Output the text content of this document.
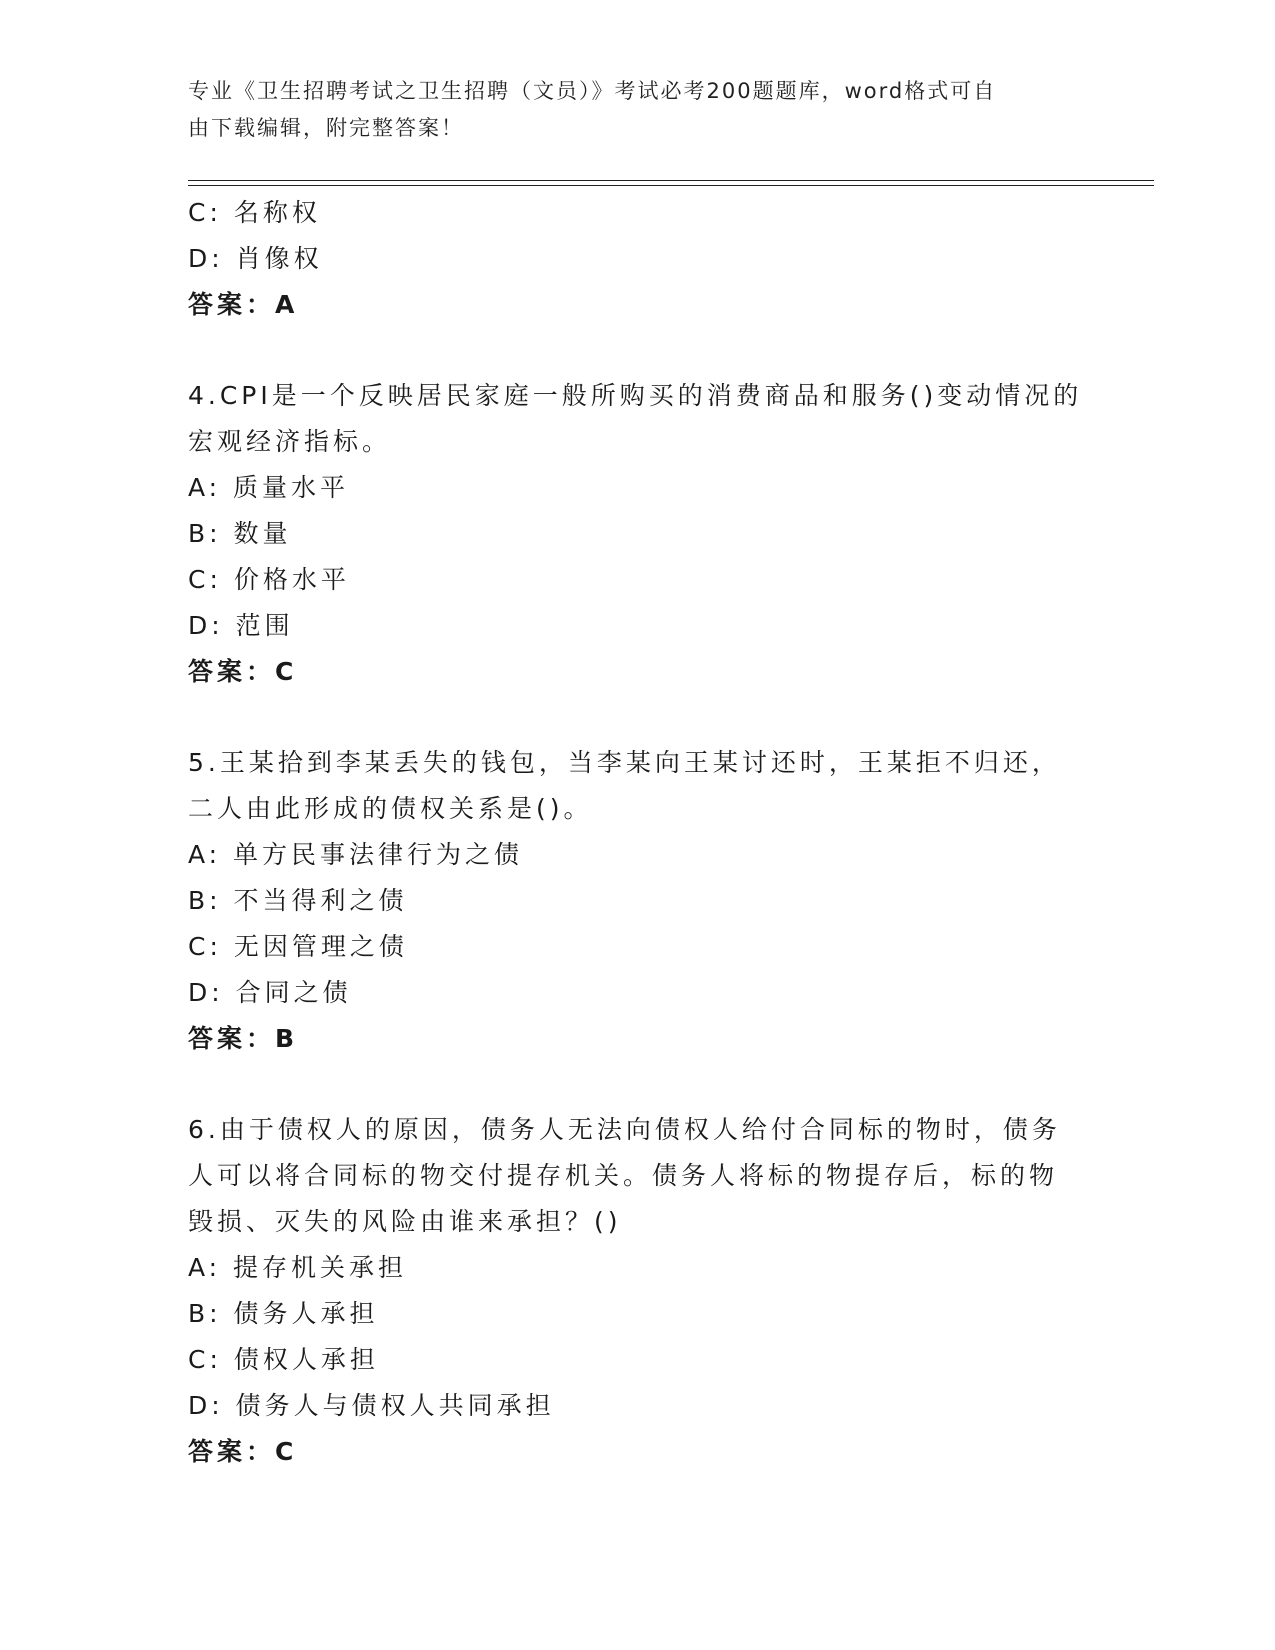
专业《卫生招聘考试之卫生招聘（文员）》考试必考200题题库，word格式可自
由下载编辑，附完整答案！
C: 名称权
D: 肖像权
答案：A
4.CPI是一个反映居民家庭一般所购买的消费商品和服务()变动情况的
宏观经济指标。
A: 质量水平
B: 数量
C: 价格水平
D: 范围
答案：C
5.王某拾到李某丢失的钱包，当李某向王某讨还时，王某拒不归还，
二人由此形成的债权关系是()。
A: 单方民事法律行为之债
B: 不当得利之债
C: 无因管理之债
D: 合同之债
答案：B
6.由于债权人的原因，债务人无法向债权人给付合同标的物时，债务
人可以将合同标的物交付提存机关。债务人将标的物提存后，标的物
毁损、灭失的风险由谁来承担？()
A: 提存机关承担
B: 债务人承担
C: 债权人承担
D: 债务人与债权人共同承担
答案：C
